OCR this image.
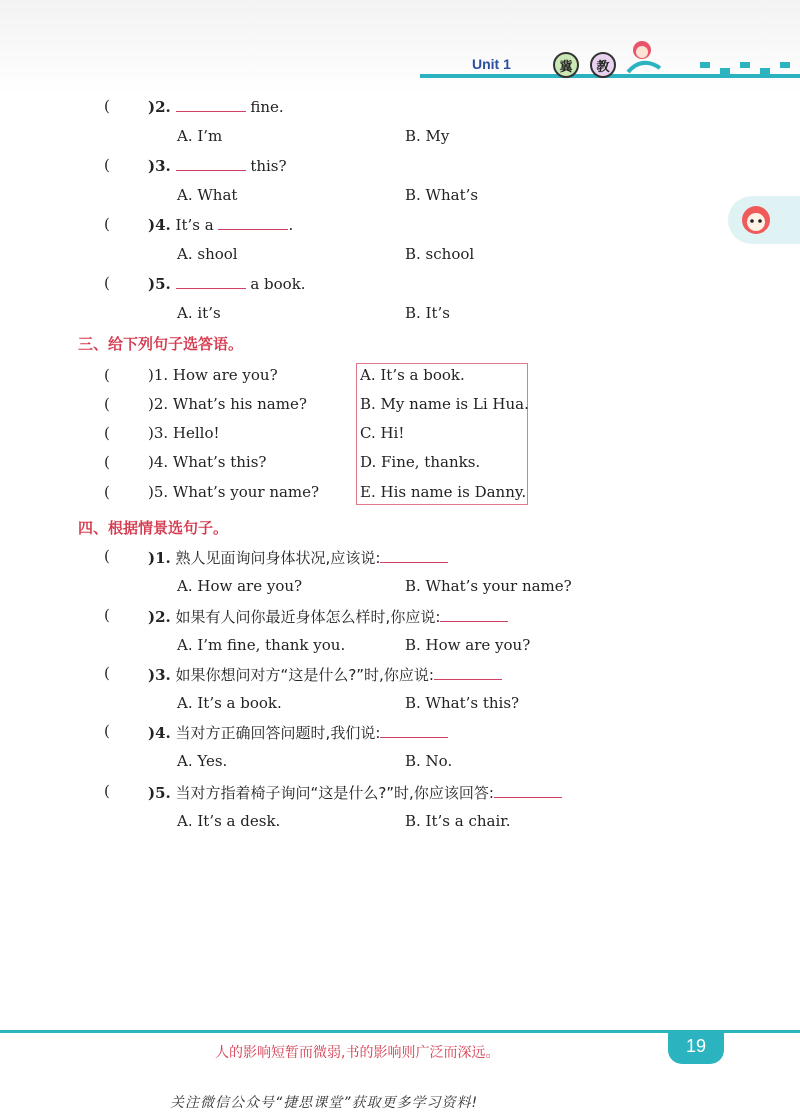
Unit 1	冀	教
(	)2.	fine.
A. I’m	B. My
(	)3.	this?
A. What	B. What’s
(	)4. It’s a	.
A. shool	B. school
(	)5.	a book.
A. it’s	B. It’s
三、给下列句子选答语。
(	)1. How are you?
(	)2. What’s his name?
(	)3. Hello!
(	)4. What’s this?
(	)5. What’s your name?
A. It’s a book.
B. My name is Li Hua.
C. Hi!
D. Fine, thanks.
E. His name is Danny.
四、根据情景选句子。
(	)1. 熟人见面询问身体状况,应该说:
A. How are you?	B. What’s your name?
(	)2. 如果有人问你最近身体怎么样时,你应说:
A. I’m fine, thank you.	B. How are you?
(	)3. 如果你想问对方“这是什么?”时,你应说:
A. It’s a book.	B. What’s this?
(	)4. 当对方正确回答问题时,我们说:
A. Yes.	B. No.
(	)5. 当对方指着椅子询问“这是什么?”时,你应该回答:
A. It’s a desk.	B. It’s a chair.
人的影响短暂而微弱,书的影响则广泛而深远。	19
关注微信公众号“捷思课堂”获取更多学习资料!
